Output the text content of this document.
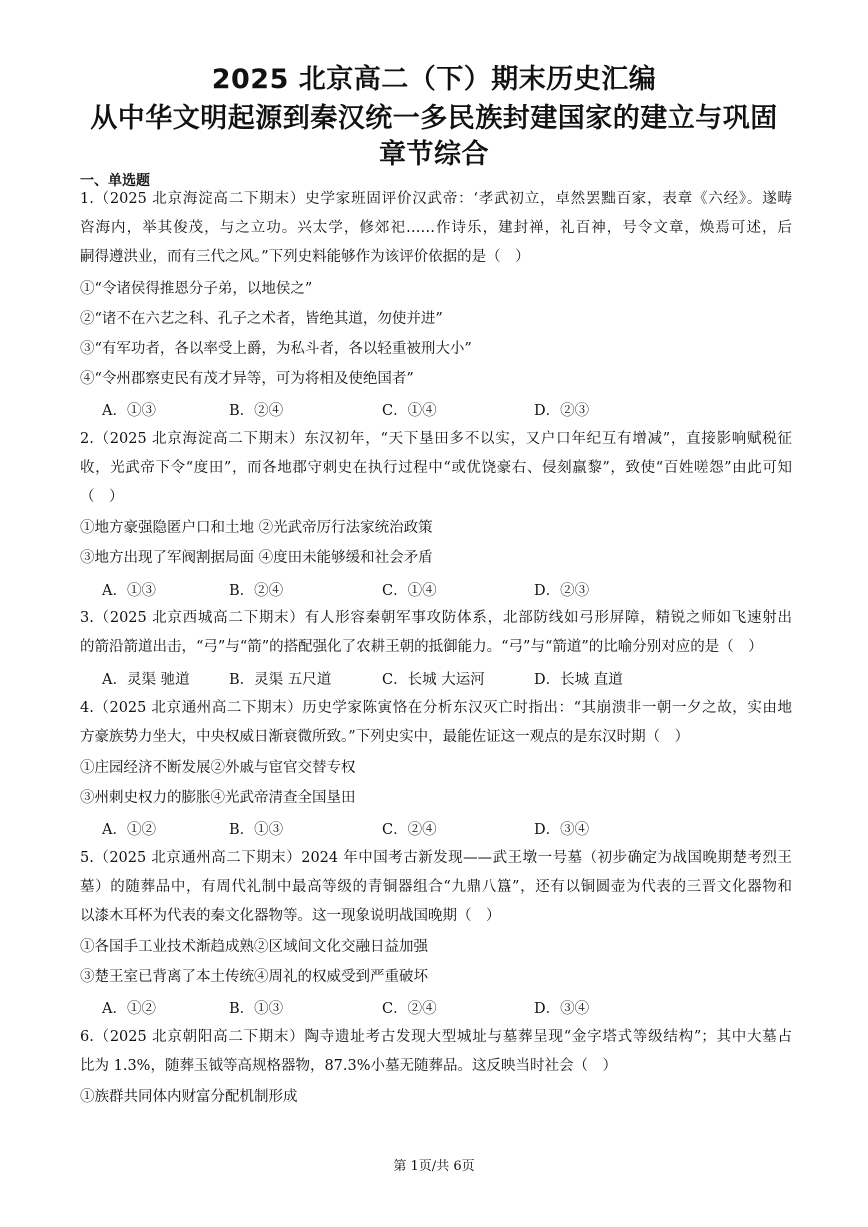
2025 北京高二（下）期末历史汇编
从中华文明起源到秦汉统一多民族封建国家的建立与巩固
章节综合
一、单选题
1.（2025 北京海淀高二下期末）史学家班固评价汉武帝：‘孝武初立，卓然罢黜百家，表章《六经》。遂畴
咨海内，举其俊茂，与之立功。兴太学，修郊祀……作诗乐，建封禅，礼百神，号令文章，焕焉可述，后
嗣得遵洪业，而有三代之风。”下列史料能够作为该评价依据的是（　）
①“令诸侯得推恩分子弟，以地侯之”
②“诸不在六艺之科、孔子之术者，皆绝其道，勿使并进”
③“有军功者，各以率受上爵，为私斗者，各以轻重被刑大小”
④“令州郡察吏民有茂才异等，可为将相及使绝国者”
A．①③	B．②④	C．①④	D．②③
2.（2025 北京海淀高二下期末）东汉初年，“天下垦田多不以实，又户口年纪互有增减”，直接影响赋税征
收，光武帝下令“度田”，而各地郡守刺史在执行过程中“或优饶豪右、侵刻羸黎”，致使“百姓嗟怨”由此可知
（　）
①地方豪强隐匿户口和土地 ②光武帝厉行法家统治政策
③地方出现了军阀割据局面 ④度田未能够缓和社会矛盾
A．①③	B．②④	C．①④	D．②③
3.（2025 北京西城高二下期末）有人形容秦朝军事攻防体系，北部防线如弓形屏障，精锐之师如飞速射出
的箭沿箭道出击，“弓”与“箭”的搭配强化了农耕王朝的抵御能力。“弓”与“箭道”的比喻分别对应的是（　）
A．灵渠 驰道	B．灵渠 五尺道	C．长城 大运河	D．长城 直道
4.（2025 北京通州高二下期末）历史学家陈寅恪在分析东汉灭亡时指出：“其崩溃非一朝一夕之故，实由地
方豪族势力坐大，中央权威日渐衰微所致。”下列史实中，最能佐证这一观点的是东汉时期（　）
①庄园经济不断发展②外戚与宦官交替专权
③州刺史权力的膨胀④光武帝清查全国垦田
A．①②	B．①③	C．②④	D．③④
5.（2025 北京通州高二下期末）2024 年中国考古新发现——武王墩一号墓（初步确定为战国晚期楚考烈王
墓）的随葬品中，有周代礼制中最高等级的青铜器组合“九鼎八簋”，还有以铜圆壶为代表的三晋文化器物和
以漆木耳杯为代表的秦文化器物等。这一现象说明战国晚期（　）
①各国手工业技术渐趋成熟②区域间文化交融日益加强
③楚王室已背离了本土传统④周礼的权威受到严重破坏
A．①②	B．①③	C．②④	D．③④
6.（2025 北京朝阳高二下期末）陶寺遗址考古发现大型城址与墓葬呈现“金字塔式等级结构”；其中大墓占
比为 1.3%，随葬玉钺等高规格器物，87.3%小墓无随葬品。这反映当时社会（　）
①族群共同体内财富分配机制形成
第 1页/共 6页
